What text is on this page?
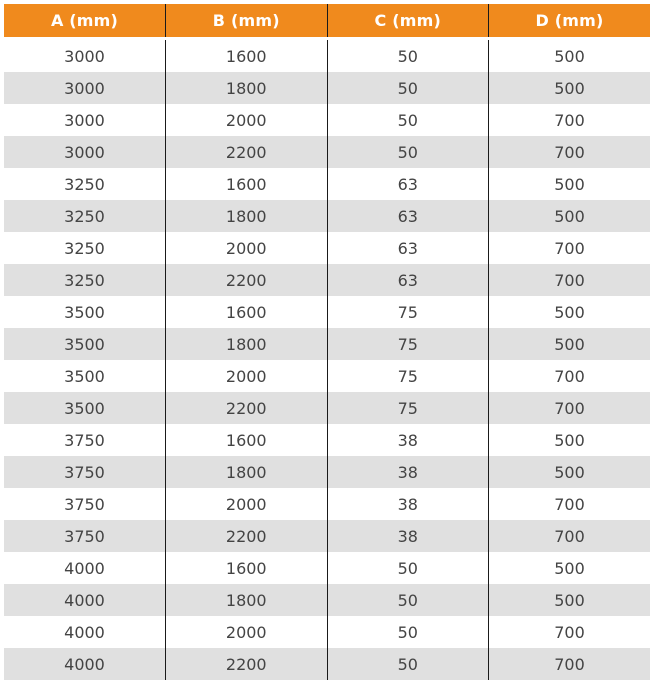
A (mm)	B (mm)	C (mm)	D (mm)
3000	1600	50	500
3000	1800	50	500
3000	2000	50	700
3000	2200	50	700
3250	1600	63	500
3250	1800	63	500
3250	2000	63	700
3250	2200	63	700
3500	1600	75	500
3500	1800	75	500
3500	2000	75	700
3500	2200	75	700
3750	1600	38	500
3750	1800	38	500
3750	2000	38	700
3750	2200	38	700
4000	1600	50	500
4000	1800	50	500
4000	2000	50	700
4000	2200	50	700
